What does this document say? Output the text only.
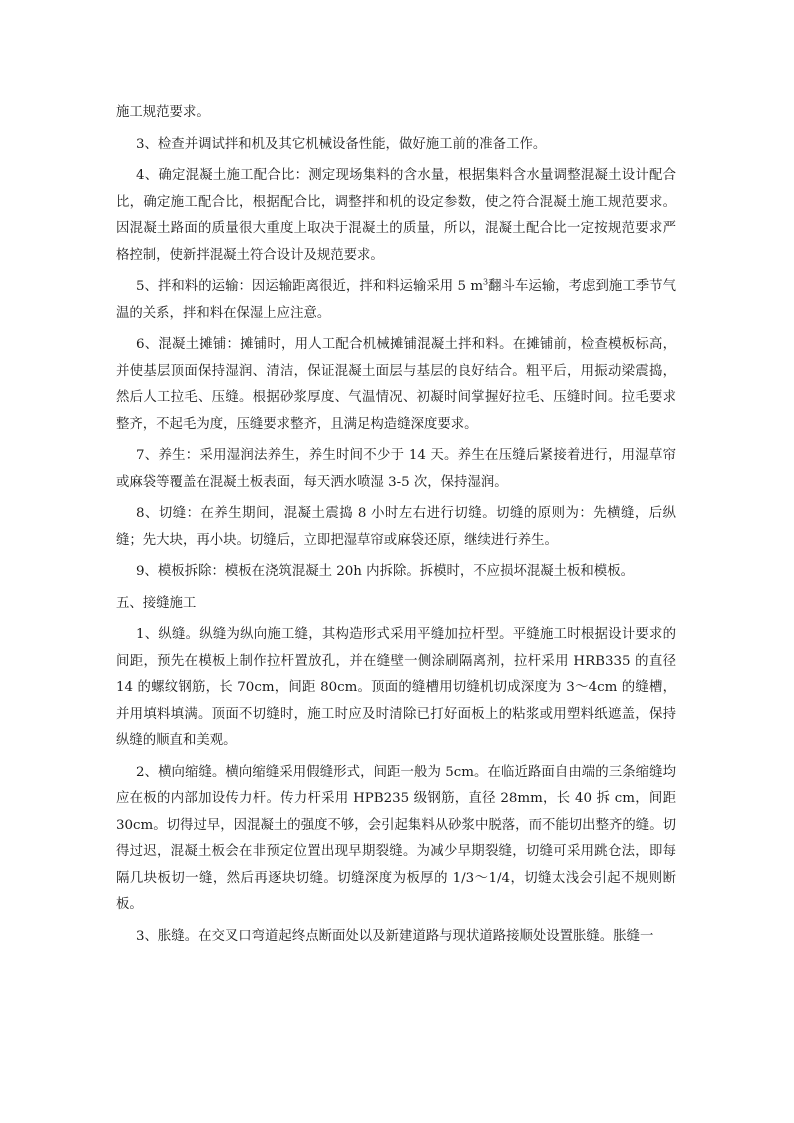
施工规范要求。

3、检查并调试拌和机及其它机械设备性能，做好施工前的准备工作。

4、确定混凝土施工配合比：测定现场集料的含水量，根据集料含水量调整混凝土设计配合比，确定施工配合比，根据配合比，调整拌和机的设定参数，使之符合混凝土施工规范要求。因混凝土路面的质量很大重度上取决于混凝土的质量，所以，混凝土配合比一定按规范要求严格控制，使新拌混凝土符合设计及规范要求。

5、拌和料的运输：因运输距离很近，拌和料运输采用 5 $m^3$翻斗车运输，考虑到施工季节气温的关系，拌和料在保湿上应注意。

6、混凝土摊铺：摊铺时，用人工配合机械摊铺混凝土拌和料。在摊铺前，检查模板标高，并使基层顶面保持湿润、清洁，保证混凝土面层与基层的良好结合。粗平后，用振动梁震捣，然后人工拉毛、压缝。根据砂浆厚度、气温情况、初凝时间掌握好拉毛、压缝时间。拉毛要求整齐，不起毛为度，压缝要求整齐，且满足构造缝深度要求。

7、养生：采用湿润法养生，养生时间不少于 14 天。养生在压缝后紧接着进行，用湿草帘或麻袋等覆盖在混凝土板表面，每天洒水喷湿 3-5 次，保持湿润。

8、切缝：在养生期间，混凝土震捣 8 小时左右进行切缝。切缝的原则为：先横缝，后纵缝；先大块，再小块。切缝后，立即把湿草帘或麻袋还原，继续进行养生。

9、模板拆除：模板在浇筑混凝土 20h 内拆除。拆模时，不应损坏混凝土板和模板。

五、接缝施工

1、纵缝。纵缝为纵向施工缝，其构造形式采用平缝加拉杆型。平缝施工时根据设计要求的间距，预先在模板上制作拉杆置放孔，并在缝壁一侧涂刷隔离剂，拉杆采用 HRB335 的直径 14 的螺纹钢筋，长 70cm，间距 80cm。顶面的缝槽用切缝机切成深度为 3～4cm 的缝槽，并用填料填满。顶面不切缝时，施工时应及时清除已打好面板上的粘浆或用塑料纸遮盖，保持纵缝的顺直和美观。

2、横向缩缝。横向缩缝采用假缝形式，间距一般为 5cm。在临近路面自由端的三条缩缝均应在板的内部加设传力杆。传力杆采用 HPB235 级钢筋，直径 28mm，长 40 拆 cm，间距 30cm。切得过早，因混凝土的强度不够，会引起集料从砂浆中脱落，而不能切出整齐的缝。切得过迟，混凝土板会在非预定位置出现早期裂缝。为减少早期裂缝，切缝可采用跳仓法，即每隔几块板切一缝，然后再逐块切缝。切缝深度为板厚的 1/3～1/4，切缝太浅会引起不规则断板。

3、胀缝。在交叉口弯道起终点断面处以及新建道路与现状道路接顺处设置胀缝。胀缝一
